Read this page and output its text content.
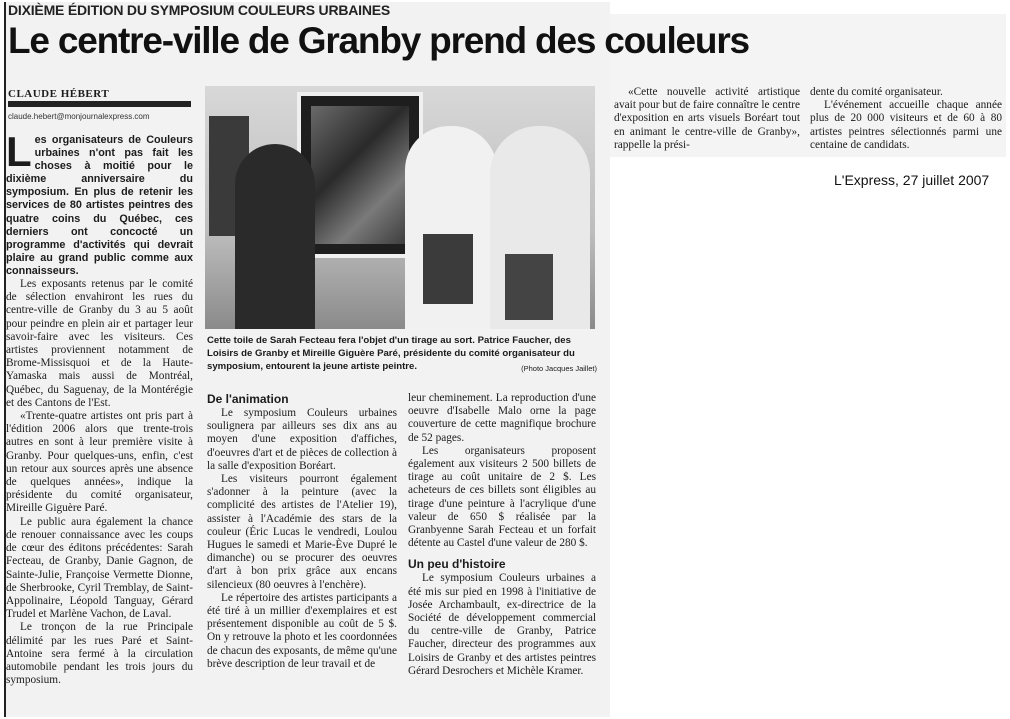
DIXIÈME ÉDITION DU SYMPOSIUM COULEURS URBAINES
Le centre-ville de Granby prend des couleurs
CLAUDE HÉBERT
claude.hebert@monjournalexpress.com

Les organisateurs de Couleurs urbaines n'ont pas fait les choses à moitié pour le dixième anniversaire du symposium. En plus de retenir les services de 80 artistes peintres des quatre coins du Québec, ces derniers ont concocté un programme d'activités qui devrait plaire au grand public comme aux connaisseurs.

Les exposants retenus par le comité de sélection envahiront les rues du centre-ville de Granby du 3 au 5 août pour peindre en plein air et partager leur savoir-faire avec les visiteurs. Ces artistes proviennent notamment de Brome-Missisquoi et de la Haute-Yamaska mais aussi de Montréal, Québec, du Saguenay, de la Montérégie et des Cantons de l'Est.

«Trente-quatre artistes ont pris part à l'édition 2006 alors que trente-trois autres en sont à leur première visite à Granby. Pour quelques-uns, enfin, c'est un retour aux sources après une absence de quelques années», indique la présidente du comité organisateur, Mireille Giguère Paré.

Le public aura également la chance de renouer connaissance avec les coups de cœur des éditons précédentes: Sarah Fecteau, de Granby, Danie Gagnon, de Sainte-Julie, Françoise Vermette Dionne, de Sherbrooke, Cyril Tremblay, de Saint-Appolinaire, Léopold Tanguay, Gérard Trudel et Marlène Vachon, de Laval.

Le tronçon de la rue Principale délimité par les rues Paré et Saint-Antoine sera fermé à la circulation automobile pendant les trois jours du symposium.

Cette toile de Sarah Fecteau fera l'objet d'un tirage au sort. Patrice Faucher, des Loisirs de Granby et Mireille Giguère Paré, présidente du comité organisateur du symposium, entourent la jeune artiste peintre.	(Photo Jacques Jaillet)

De l'animation

Le symposium Couleurs urbaines soulignera par ailleurs ses dix ans au moyen d'une exposition d'affiches, d'oeuvres d'art et de pièces de collection à la salle d'exposition Boréart.

Les visiteurs pourront également s'adonner à la peinture (avec la complicité des artistes de l'Atelier 19), assister à l'Académie des stars de la couleur (Éric Lucas le vendredi, Loulou Hugues le samedi et Marie-Ève Dupré le dimanche) ou se procurer des oeuvres d'art à bon prix grâce aux encans silencieux (80 oeuvres à l'enchère).

Le répertoire des artistes participants a été tiré à un millier d'exemplaires et est présentement disponible au coût de 5 $. On y retrouve la photo et les coordonnées de chacun des exposants, de même qu'une brève description de leur travail et de

leur cheminement. La reproduction d'une oeuvre d'Isabelle Malo orne la page couverture de cette magnifique brochure de 52 pages.

Les organisateurs proposent également aux visiteurs 2 500 billets de tirage au coût unitaire de 2 $. Les acheteurs de ces billets sont éligibles au tirage d'une peinture à l'acrylique d'une valeur de 650 $ réalisée par la Granbyenne Sarah Fecteau et un forfait détente au Castel d'une valeur de 280 $.

Un peu d'histoire

Le symposium Couleurs urbaines a été mis sur pied en 1998 à l'initiative de Josée Archambault, ex-directrice de la Société de développement commercial du centre-ville de Granby, Patrice Faucher, directeur des programmes aux Loisirs de Granby et des artistes peintres Gérard Desrochers et Michèle Kramer.

«Cette nouvelle activité artistique avait pour but de faire connaître le centre d'exposition en arts visuels Boréart tout en animant le centre-ville de Granby», rappelle la prési-

dente du comité organisateur.

L'événement accueille chaque année plus de 20 000 visiteurs et de 60 à 80 artistes peintres sélectionnés parmi une centaine de candidats.

L'Express, 27 juillet 2007
